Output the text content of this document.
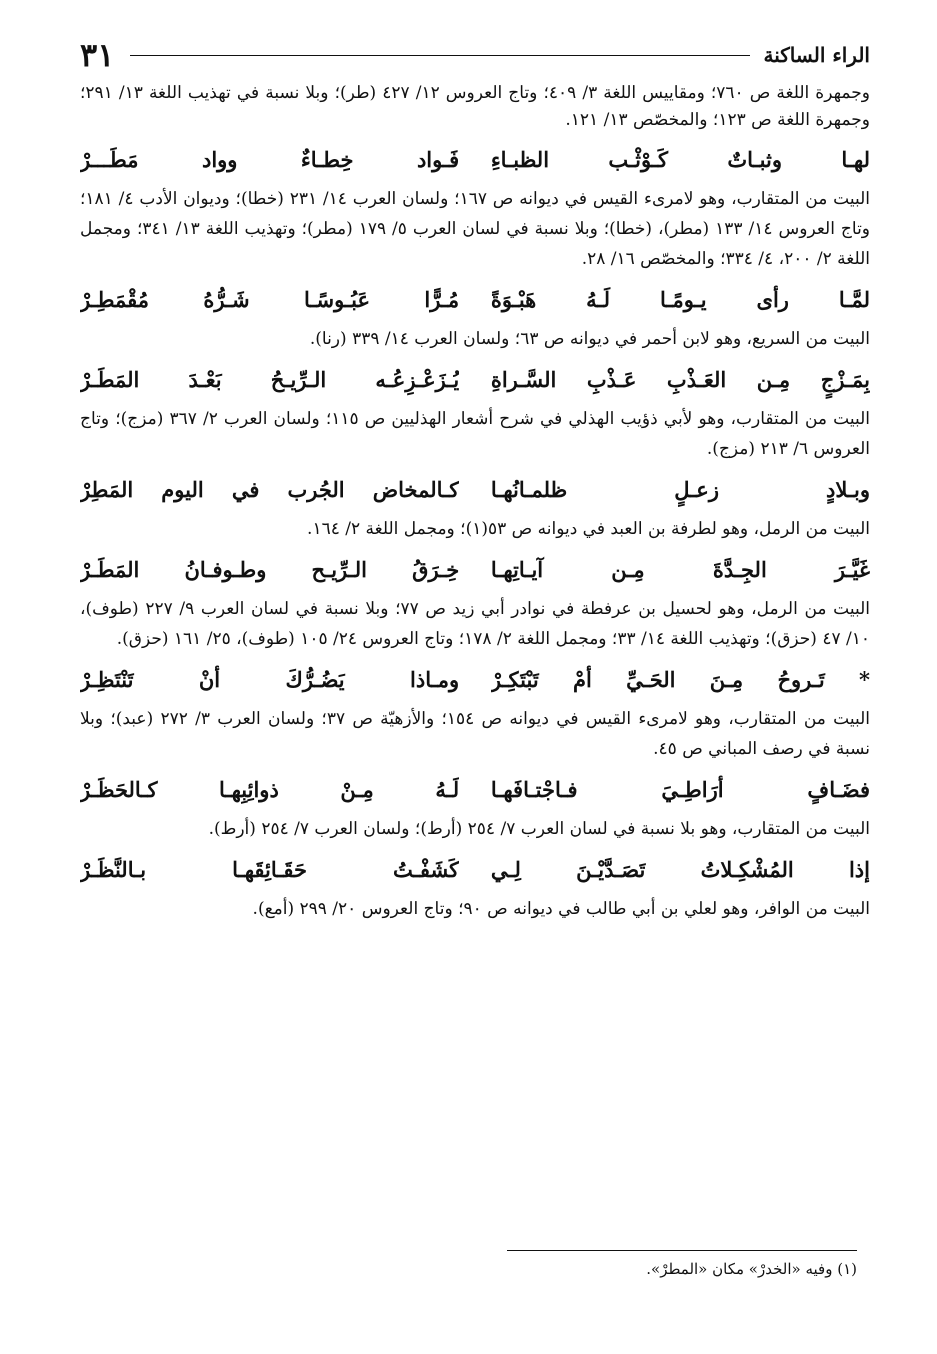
الراء الساكنة
٣١

وجمهرة اللغة ص ٧٦٠؛ ومقاييس اللغة ٣/ ٤٠٩؛ وتاج العروس ١٢/ ٤٢٧ (طر)؛ وبلا نسبة في تهذيب اللغة ١٣/ ٢٩١؛ وجمهرة اللغة ص ١٢٣؛ والمخصّص ١٣/ ١٢١.

لهـا وثبـاتٌ كَـوْثْـب الظبـاءِ
فَـواد خِطـاءٌ وواد مَطَـــرْ

البيت من المتقارب، وهو لامرىء القيس في ديوانه ص ١٦٧؛ ولسان العرب ١٤/ ٢٣١ (خطا)؛ وديوان الأدب ٤/ ١٨١؛ وتاج العروس ١٤/ ١٣٣ (مطر)، (خطا)؛ وبلا نسبة في لسان العرب ٥/ ١٧٩ (مطر)؛ وتهذيب اللغة ١٣/ ٣٤١؛ ومجمل اللغة ٢/ ٢٠٠، ٤/ ٣٣٤؛ والمخصّص ١٦/ ٢٨.

لمَّـا رأى يـومًـا لَـهُ هَبْـوَةً
مُـرًّا عَبُـوسًـا شَـرُّهُ مُقْمَطِـرْ

البيت من السريع، وهو لابن أحمر في ديوانه ص ٦٣؛ ولسان العرب ١٤/ ٣٣٩ (رنا).

بِمَـزْجٍ مِـن العَـذْبِ عَـذْبِ السَّـراةِ
يُـزَعْـزِعُـه الـرِّيـحُ بَعْـدَ المَطَـرْ

البيت من المتقارب، وهو لأبي ذؤيب الهذلي في شرح أشعار الهذليين ص ١١٥؛ ولسان العرب ٢/ ٣٦٧ (مزج)؛ وتاج العروس ٦/ ٢١٣ (مزج).

وبـلادٍ زعـلٍ ظلمـانُهـا
كـالمخاض الجُرب في اليوم المَطِرْ

البيت من الرمل، وهو لطرفة بن العبد في ديوانه ص ٥٣(١)؛ ومجمل اللغة ٢/ ١٦٤.

غَيَّـرَ الجِـدَّةَ مِـن آيـاتِهـا
خِـرَقُ الـرِّيـح وطـوفـانُ المَطَـرْ

البيت من الرمل، وهو لحسيل بن عرفطة في نوادر أبي زيد ص ٧٧؛ وبلا نسبة في لسان العرب ٩/ ٢٢٧ (طوف)، ١٠/ ٤٧ (حزق)؛ وتهذيب اللغة ١٤/ ٣٣؛ ومجمل اللغة ٢/ ١٧٨؛ وتاج العروس ٢٤/ ١٠٥ (طوف)، ٢٥/ ١٦١ (حزق).

* تَـروحُ مِـنَ الحَـيِّ أمْ تَبْتَكِـرْ
ومـاذا يَضُـرُّكَ أنْ تَنْتَظِـرْ

البيت من المتقارب، وهو لامرىء القيس في ديوانه ص ١٥٤؛ والأزهيّة ص ٣٧؛ ولسان العرب ٣/ ٢٧٢ (عبد)؛ وبلا نسبة في رصف المباني ص ٤٥.

فضَـافٍ أرَاطِـيَ فـاجْتـافَهـا
لَـهُ مِـنْ ذوائِبِهـا كـالحَظَـرْ

البيت من المتقارب، وهو بلا نسبة في لسان العرب ٧/ ٢٥٤ (أرط)؛ ولسان العرب ٧/ ٢٥٤ (أرط).

إذا المُشْكِـلاتُ تَصَـدَّيْـنَ لِـي
كَشَفْـتُ حَقَـائِقَهـا بـالنَّظَـرْ

البيت من الوافر، وهو لعلي بن أبي طالب في ديوانه ص ٩٠؛ وتاج العروس ٢٠/ ٢٩٩ (أمع).

(١) وفيه «الخدرْ» مكان «المطرْ».
